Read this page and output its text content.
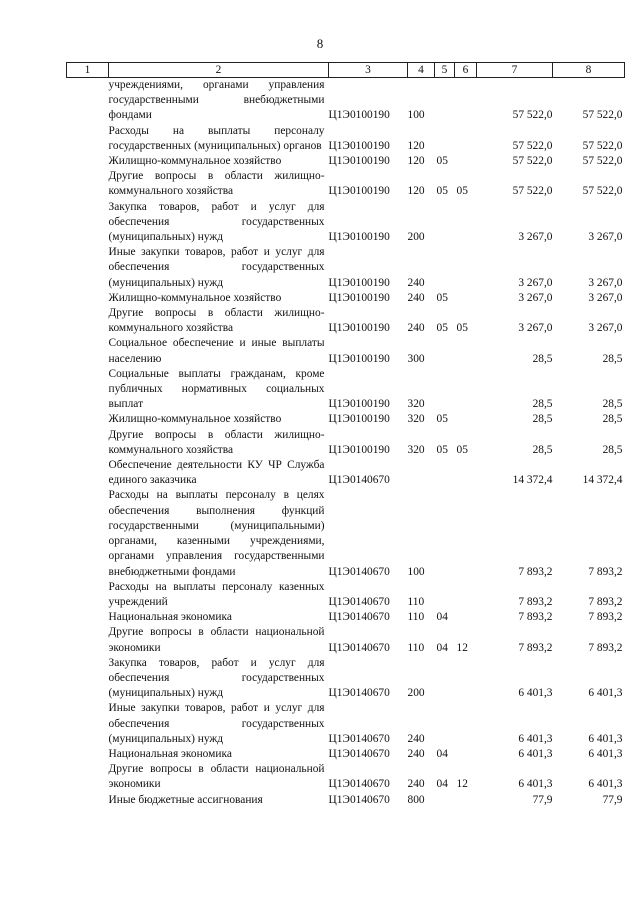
8
1	2	3	4	5	6	7	8
	учреждениями, органами управления государственными внебюджетными фондами	Ц1Э0100190	100			57 522,0	57 522,0
	Расходы на выплаты персоналу государственных (муниципальных) органов	Ц1Э0100190	120			57 522,0	57 522,0
	Жилищно-коммунальное хозяйство	Ц1Э0100190	120	05		57 522,0	57 522,0
	Другие вопросы в области жилищно-коммунального хозяйства	Ц1Э0100190	120	05	05	57 522,0	57 522,0
	Закупка товаров, работ и услуг для обеспечения государственных (муниципальных) нужд	Ц1Э0100190	200			3 267,0	3 267,0
	Иные закупки товаров, работ и услуг для обеспечения государственных (муниципальных) нужд	Ц1Э0100190	240			3 267,0	3 267,0
	Жилищно-коммунальное хозяйство	Ц1Э0100190	240	05		3 267,0	3 267,0
	Другие вопросы в области жилищно-коммунального хозяйства	Ц1Э0100190	240	05	05	3 267,0	3 267,0
	Социальное обеспечение и иные выплаты населению	Ц1Э0100190	300			28,5	28,5
	Социальные выплаты гражданам, кроме публичных нормативных социальных выплат	Ц1Э0100190	320			28,5	28,5
	Жилищно-коммунальное хозяйство	Ц1Э0100190	320	05		28,5	28,5
	Другие вопросы в области жилищно-коммунального хозяйства	Ц1Э0100190	320	05	05	28,5	28,5
	Обеспечение деятельности КУ ЧР Служба единого заказчика	Ц1Э0140670				14 372,4	14 372,4
	Расходы на выплаты персоналу в целях обеспечения выполнения функций государственными (муниципальными) органами, казенными учреждениями, органами управления государственными внебюджетными фондами	Ц1Э0140670	100			7 893,2	7 893,2
	Расходы на выплаты персоналу казенных учреждений	Ц1Э0140670	110			7 893,2	7 893,2
	Национальная экономика	Ц1Э0140670	110	04		7 893,2	7 893,2
	Другие вопросы в области национальной экономики	Ц1Э0140670	110	04	12	7 893,2	7 893,2
	Закупка товаров, работ и услуг для обеспечения государственных (муниципальных) нужд	Ц1Э0140670	200			6 401,3	6 401,3
	Иные закупки товаров, работ и услуг для обеспечения государственных (муниципальных) нужд	Ц1Э0140670	240			6 401,3	6 401,3
	Национальная экономика	Ц1Э0140670	240	04		6 401,3	6 401,3
	Другие вопросы в области национальной экономики	Ц1Э0140670	240	04	12	6 401,3	6 401,3
	Иные бюджетные ассигнования	Ц1Э0140670	800			77,9	77,9
